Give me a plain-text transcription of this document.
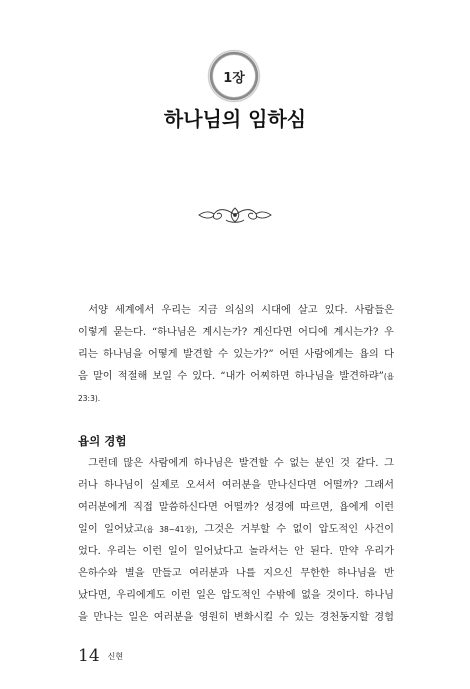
1장
하나님의 임하심
 서양 세계에서 우리는 지금 의심의 시대에 살고 있다. 사람들은
이렇게 묻는다. “하나님은 계시는가? 계신다면 어디에 계시는가? 우
리는 하나님을 어떻게 발견할 수 있는가?” 어떤 사람에게는 욥의 다
음 말이 적절해 보일 수 있다. “내가 어찌하면 하나님을 발견하랴”(욥
23:3).
욥의 경험
 그런데 많은 사람에게 하나님은 발견할 수 없는 분인 것 같다. 그
러나 하나님이 실제로 오셔서 여러분을 만나신다면 어떨까? 그래서
여러분에게 직접 말씀하신다면 어떨까? 성경에 따르면, 욥에게 이런
일이 일어났고(욥 38~41장), 그것은 거부할 수 없이 압도적인 사건이
었다. 우리는 이런 일이 일어났다고 놀라서는 안 된다. 만약 우리가
은하수와 별을 만들고 여러분과 나를 지으신 무한한 하나님을 반
났다면, 우리에게도 이런 일은 압도적인 수밖에 없을 것이다. 하나님
을 만나는 일은 여러분을 영원히 변화시킬 수 있는 경천동지할 경험
14 신현
